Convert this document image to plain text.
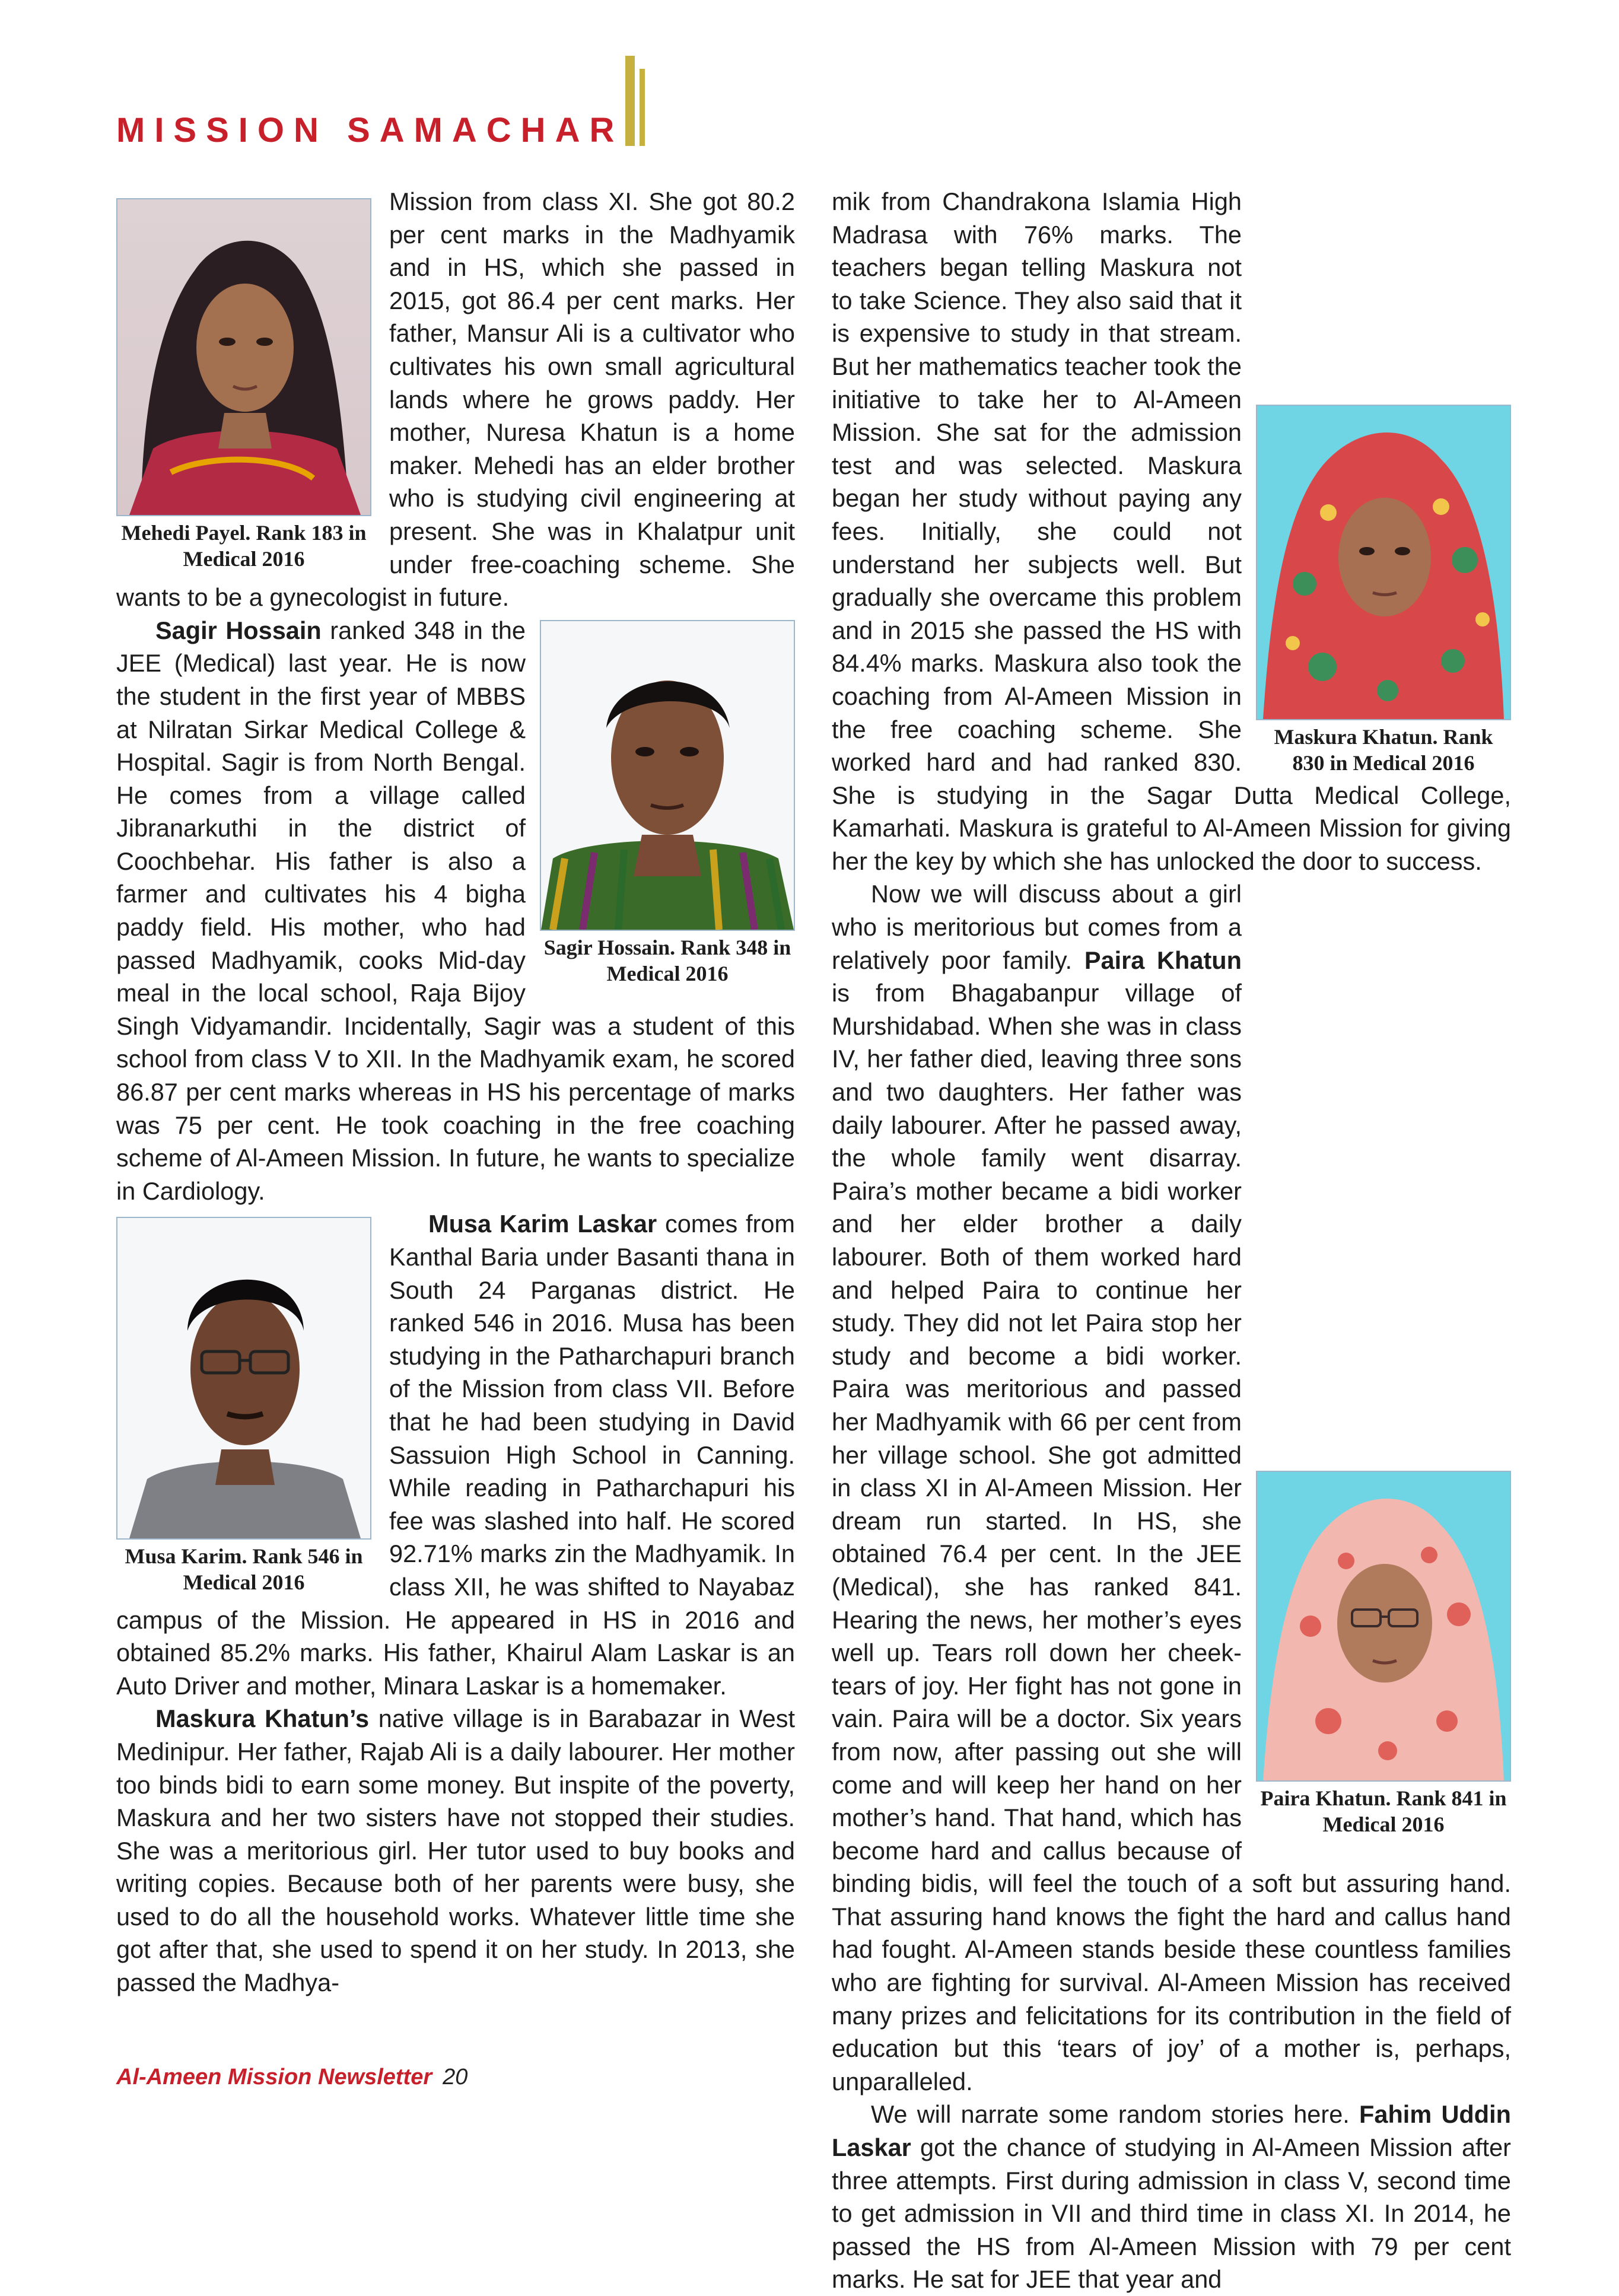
MISSION SAMACHAR
Mehedi Payel. Rank 183 in Medical 2016

Mission from class XI. She got 80.2 per cent marks in the Madhyamik and in HS, which she passed in 2015, got 86.4 per cent marks. Her father, Mansur Ali is a cultivator who cultivates his own small agricultural lands where he grows paddy. Her mother, Nuresa Khatun is a home maker. Mehedi has an elder brother who is studying civil engineering at present. She was in Khalatpur unit under free-coaching scheme. She wants to be a gynecologist in future.

Sagir Hossain. Rank 348 in Medical 2016

Sagir Hossain ranked 348 in the JEE (Medical) last year. He is now the student in the first year of MBBS at Nilratan Sirkar Medical College & Hospital. Sagir is from North Bengal. He comes from a village called Jibranarkuthi in the district of Coochbehar. His father is also a farmer and cultivates his 4 bigha paddy field. His mother, who had passed Madhyamik, cooks Mid-day meal in the local school, Raja Bijoy Singh Vidyamandir. Incidentally, Sagir was a student of this school from class V to XII. In the Madhyamik exam, he scored 86.87 per cent marks whereas in HS his percentage of marks was 75 per cent. He took coaching in the free coaching scheme of Al-Ameen Mission. In future, he wants to specialize in Cardiology.

Musa Karim. Rank 546 in Medical 2016

Musa Karim Laskar comes from Kanthal Baria under Basanti thana in South 24 Parganas district. He ranked 546 in 2016. Musa has been studying in the Patharchapuri branch of the Mission from class VII. Before that he had been studying in David Sassuion High School in Canning. While reading in Patharchapuri his fee was slashed into half. He scored 92.71% marks zin the Madhyamik. In class XII, he was shifted to Nayabaz campus of the Mission. He appeared in HS in 2016 and obtained 85.2% marks. His father, Khairul Alam Laskar is an Auto Driver and mother, Minara Laskar is a homemaker.

Maskura Khatun’s native village is in Barabazar in West Medinipur. Her father, Rajab Ali is a daily labourer. Her mother too binds bidi to earn some money. But inspite of the poverty, Maskura and her two sisters have not stopped their studies. She was a meritorious girl. Her tutor used to buy books and writing copies. Because both of her parents were busy, she used to do all the household works. Whatever little time she got after that, she used to spend it on her study. In 2013, she passed the Madhya-

Maskura Khatun. Rank 830 in Medical 2016

mik from Chandrakona Islamia High Madrasa with 76% marks. The teachers began telling Maskura not to take Science. They also said that it is expensive to study in that stream. But her mathematics teacher took the initiative to take her to Al-Ameen Mission. She sat for the admission test and was selected. Maskura began her study without paying any fees. Initially, she could not understand her subjects well. But gradually she overcame this problem and in 2015 she passed the HS with 84.4% marks. Maskura also took the coaching from Al-Ameen Mission in the free coaching scheme. She worked hard and had ranked 830. She is studying in the Sagar Dutta Medical College, Kamarhati. Maskura is grateful to Al-Ameen Mission for giving her the key by which she has unlocked the door to success.

Paira Khatun. Rank 841 in Medical 2016

Now we will discuss about a girl who is meritorious but comes from a relatively poor family. Paira Khatun is from Bhagabanpur village of Murshidabad. When she was in class IV, her father died, leaving three sons and two daughters. Her father was daily labourer. After he passed away, the whole family went disarray. Paira’s mother became a bidi worker and her elder brother a daily labourer. Both of them worked hard and helped Paira to continue her study. They did not let Paira stop her study and become a bidi worker. Paira was meritorious and passed her Madhyamik with 66 per cent from her village school. She got admitted in class XI in Al-Ameen Mission. Her dream run started. In HS, she obtained 76.4 per cent. In the JEE (Medical), she has ranked 841. Hearing the news, her mother’s eyes well up. Tears roll down her cheek-tears of joy. Her fight has not gone in vain. Paira will be a doctor. Six years from now, after passing out she will come and will keep her hand on her mother’s hand. That hand, which has become hard and callus because of binding bidis, will feel the touch of a soft but assuring hand. That assuring hand knows the fight the hard and callus hand had fought. Al-Ameen stands beside these countless families who are fighting for survival. Al-Ameen Mission has received many prizes and felicitations for its contribution in the field of education but this ‘tears of joy’ of a mother is, perhaps, unparalleled.

We will narrate some random stories here. Fahim Uddin Laskar got the chance of studying in Al-Ameen Mission after three attempts. First during admission in class V, second time to get admission in VII and third time in class XI. In 2014, he passed the HS from Al-Ameen Mission with 79 per cent marks. He sat for JEE that year and

Al-Ameen Mission Newsletter 20
